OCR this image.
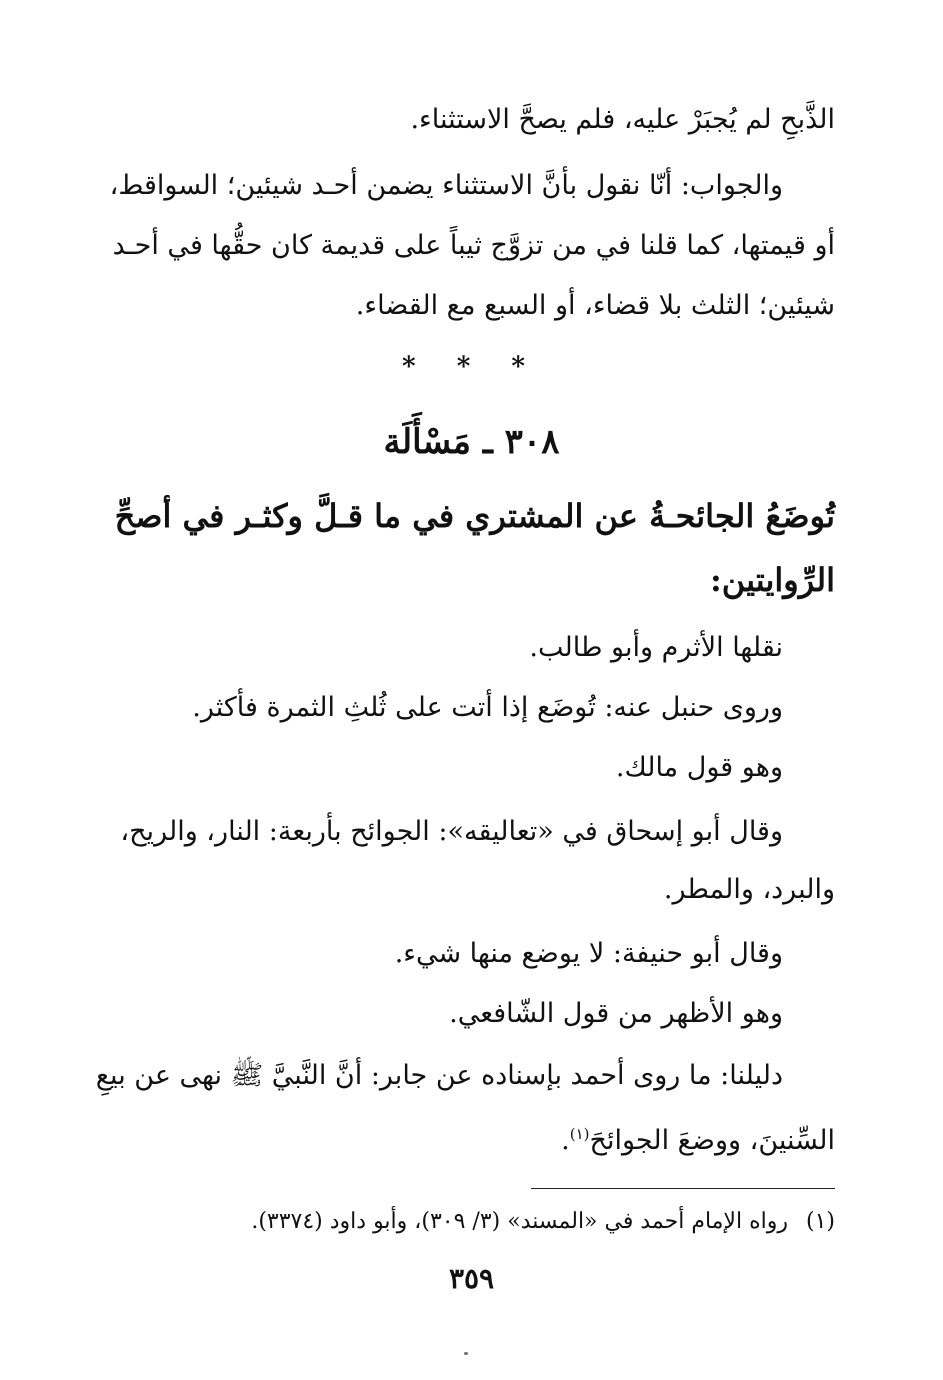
الذَّبحِ لم يُجبَرْ عليه، فلم يصحَّ الاستثناء.
والجواب: أنّا نقول بأنَّ الاستثناء يضمن أحـد شيئين؛ السواقط،
أو قيمتها، كما قلنا في من تزوَّج ثيباً على قديمة كان حقُّها في أحـد
شيئين؛ الثلث بلا قضاء، أو السبع مع القضاء.
* * *
٣٠٨ ـ مَسْأَلَة
تُوضَعُ الجائحـةُ عن المشتري في ما قـلَّ وكثـر في أصحِّ
الرِّوايتين:
نقلها الأثرم وأبو طالب.
وروى حنبل عنه: تُوضَع إذا أتت على ثُلثِ الثمرة فأكثر.
وهو قول مالك.
وقال أبو إسحاق في «تعاليقه»: الجوائح بأربعة: النار، والريح،
والبرد، والمطر.
وقال أبو حنيفة: لا يوضع منها شيء.
وهو الأظهر من قول الشّافعي.
دليلنا: ما روى أحمد بإسناده عن جابر: أنَّ النَّبيَّ ﷺ نهى عن بيعِ
السِّنينَ، ووضعَ الجوائحَ$^{(١)}$.
(١)رواه الإمام أحمد في «المسند» (٣/ ٣٠٩)، وأبو داود (٣٣٧٤).
٣٥٩
